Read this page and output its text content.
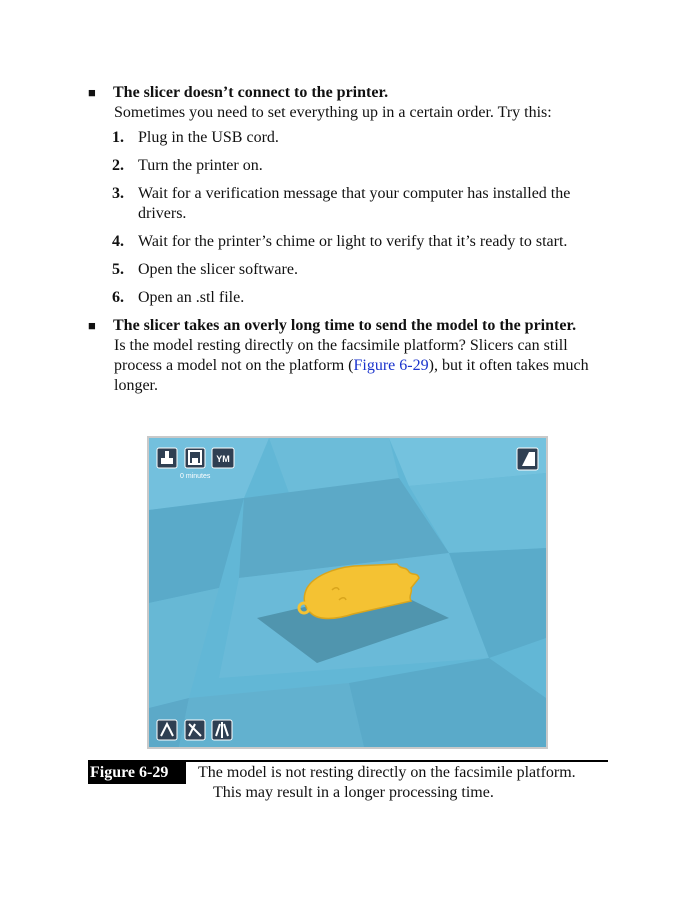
■ The slicer doesn’t connect to the printer.
Sometimes you need to set everything up in a certain order. Try this:
1. Plug in the USB cord.
2. Turn the printer on.
3. Wait for a verification message that your computer has installed the drivers.
4. Wait for the printer’s chime or light to verify that it’s ready to start.
5. Open the slicer software.
6. Open an .stl file.
■ The slicer takes an overly long time to send the model to the printer.
Is the model resting directly on the facsimile platform? Slicers can still process a model not on the platform (Figure 6-29), but it often takes much longer.
YM
0 minutes
Figure 6-29	The model is not resting directly on the facsimile platform.
This may result in a longer processing time.
